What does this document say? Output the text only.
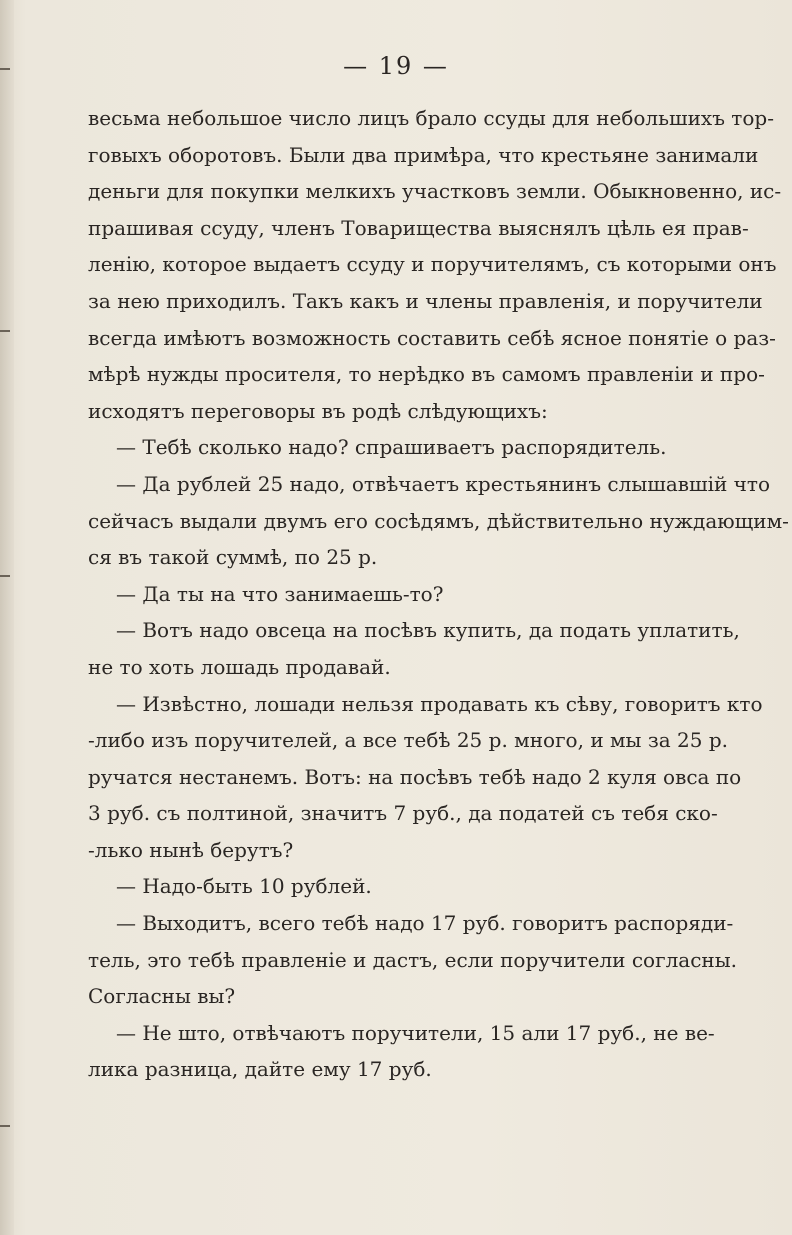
— 19 —
весьма небольшое число лицъ брало ссуды для небольшихъ тор-
говыхъ оборотовъ. Были два примѣра, что крестьяне занимали
деньги для покупки мелкихъ участковъ земли. Обыкновенно, ис-
прашивая ссуду, членъ Товарищества выяснялъ цѣль ея прав-
ленію, которое выдаетъ ссуду и поручителямъ, съ которыми онъ
за нею приходилъ. Такъ какъ и члены правленія, и поручители
всегда имѣютъ возможность составить себѣ ясное понятіе о раз-
мѣрѣ нужды просителя, то нерѣдко въ самомъ правленіи и про-
исходятъ переговоры въ родѣ слѣдующихъ:
— Тебѣ сколько надо? спрашиваетъ распорядитель.
— Да рублей 25 надо, отвѣчаетъ крестьянинъ слышавшій что
сейчасъ выдали двумъ его сосѣдямъ, дѣйствительно нуждающим-
ся въ такой суммѣ, по 25 р.
— Да ты на что занимаешь-то?
— Вотъ надо овсеца на посѣвъ купить, да подать уплатить,
не то хоть лошадь продавай.
— Извѣстно, лошади нельзя продавать къ сѣву, говоритъ кто
-либо изъ поручителей, а все тебѣ 25 р. много, и мы за 25 р.
ручатся нестанемъ. Вотъ: на посѣвъ тебѣ надо 2 куля овса по
3 руб. съ полтиной, значитъ 7 руб., да податей съ тебя ско-
-лько нынѣ берутъ?
— Надо-быть 10 рублей.
— Выходитъ, всего тебѣ надо 17 руб. говоритъ распоряди-
тель, это тебѣ правленіе и дастъ, если поручители согласны.
Согласны вы?
— Не што, отвѣчаютъ поручители, 15 али 17 руб., не ве-
лика разница, дайте ему 17 руб.
